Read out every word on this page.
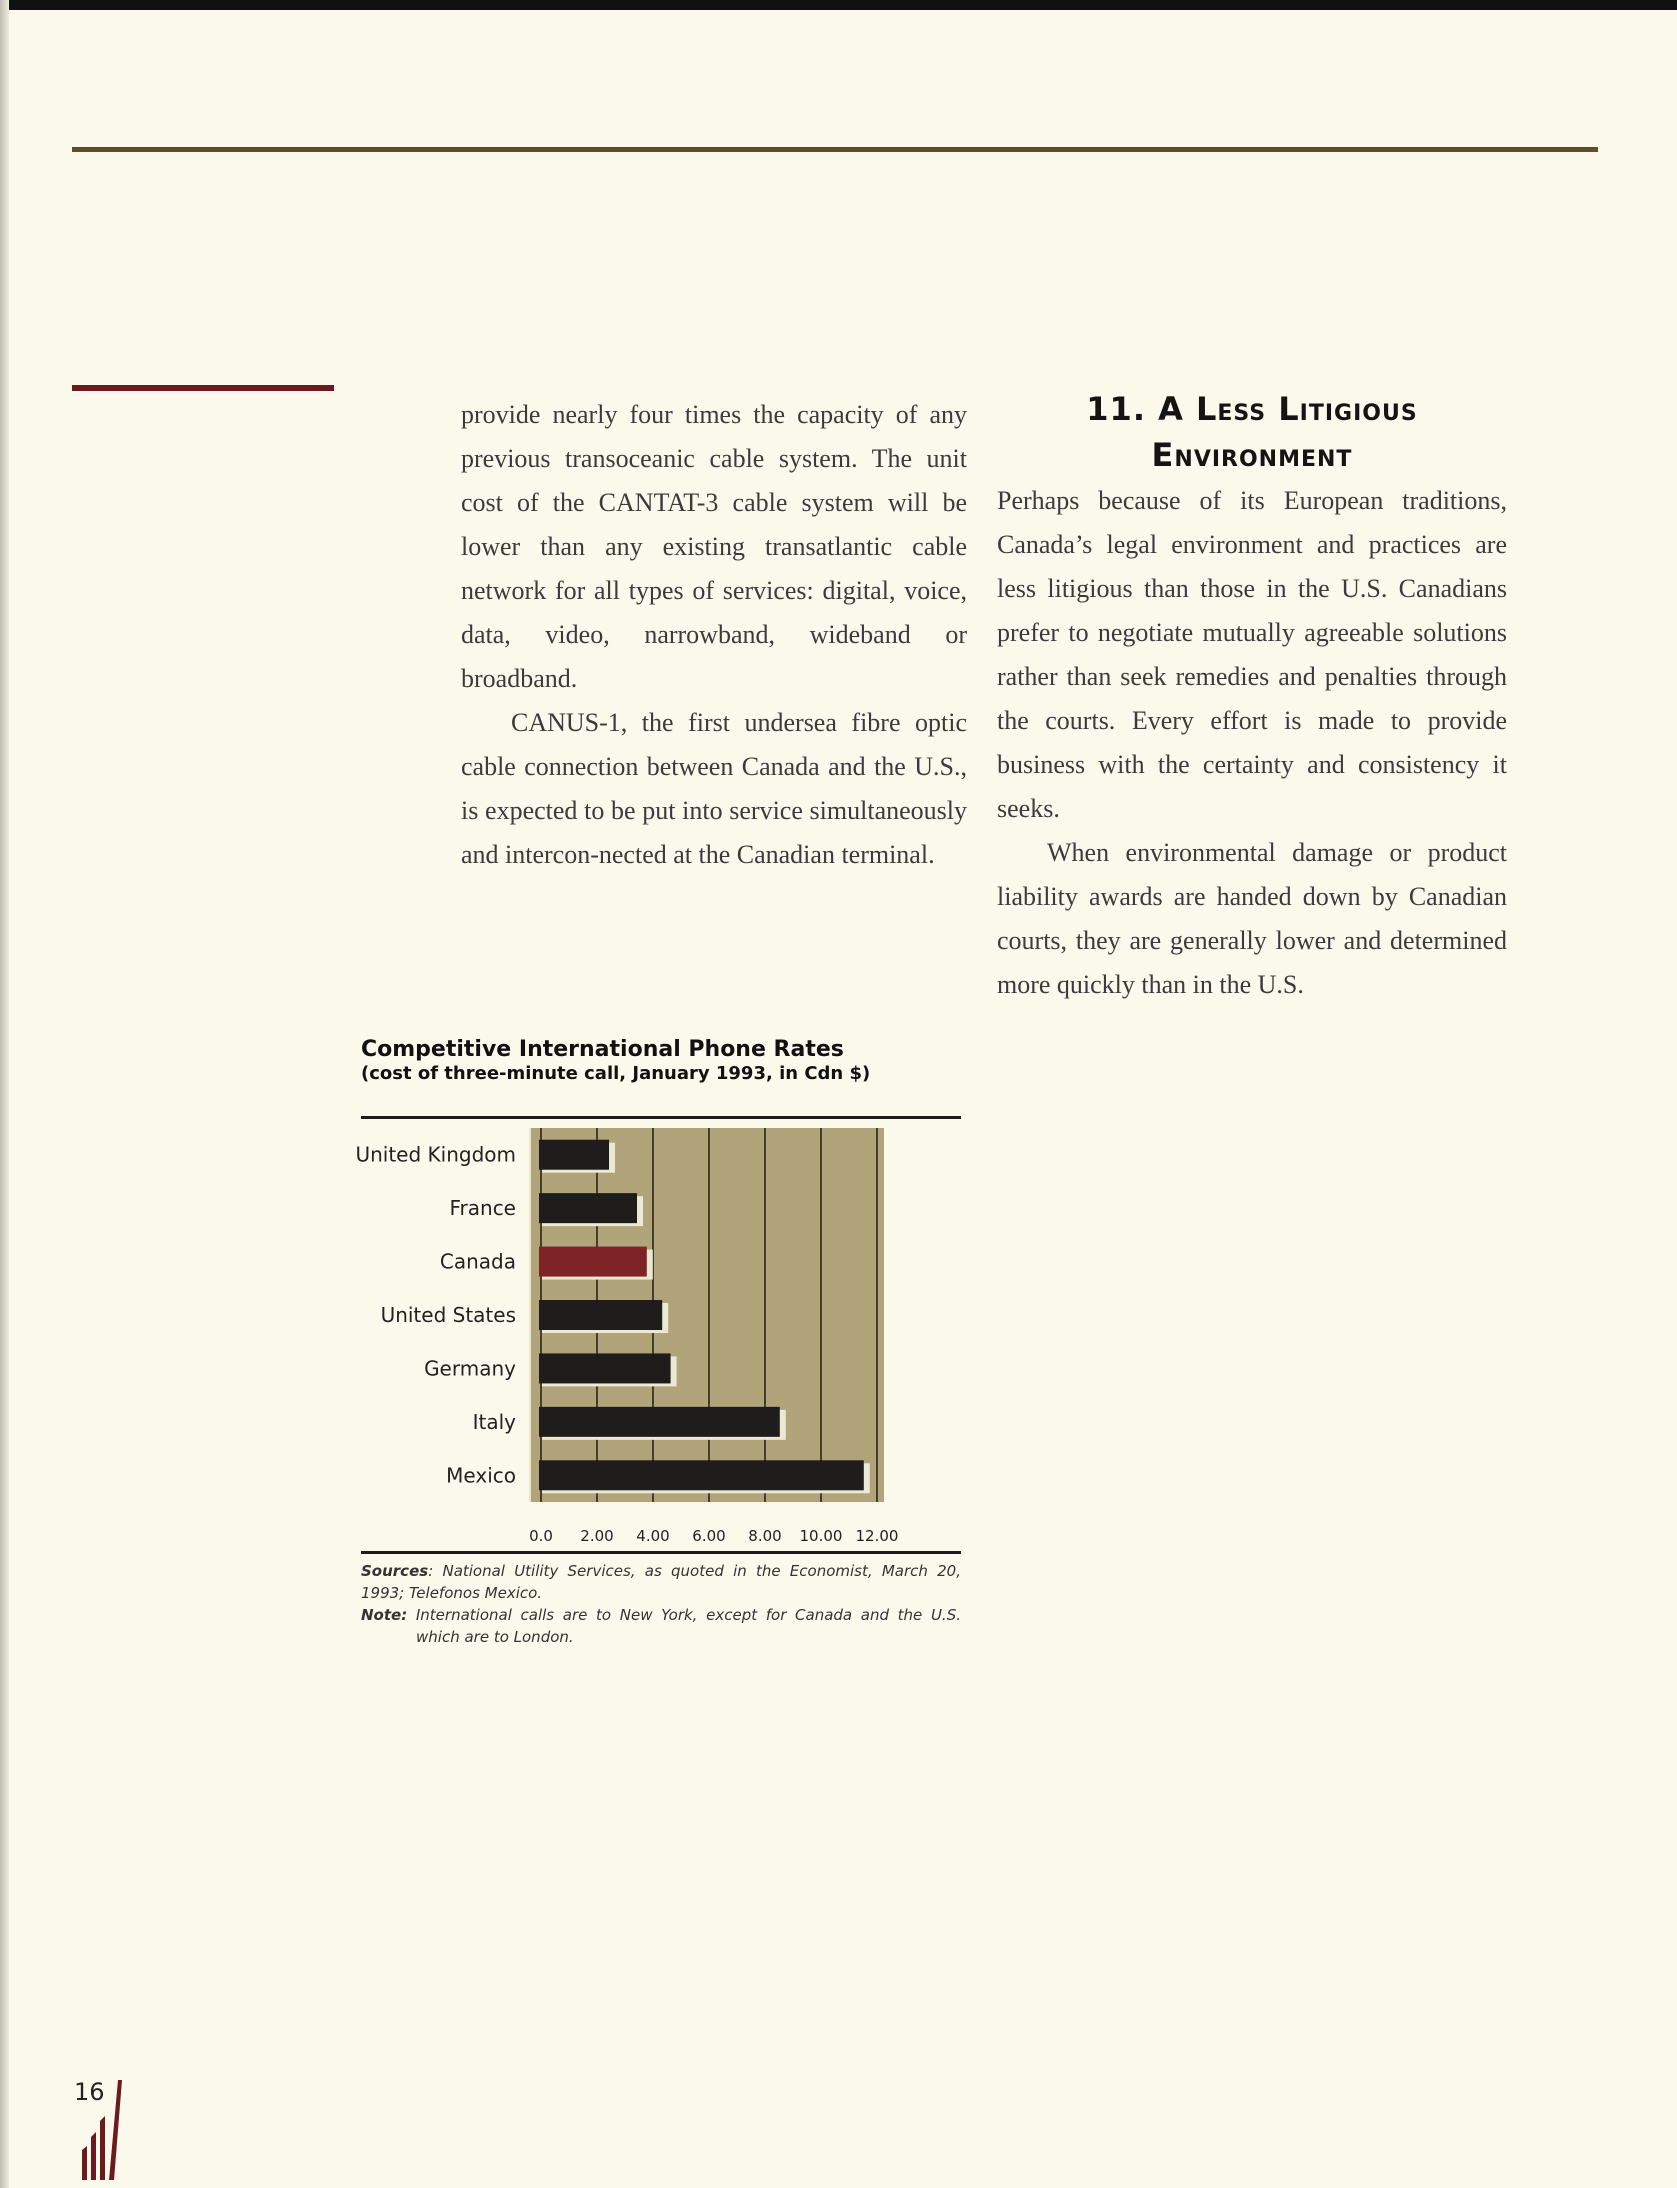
provide nearly four times the capacity of any previous transoceanic cable system. The unit cost of the CANTAT-3 cable system will be lower than any existing transatlantic cable network for all types of services: digital, voice, data, video, narrowband, wideband or broadband.

CANUS-1, the first undersea fibre optic cable connection between Canada and the U.S., is expected to be put into service simultaneously and intercon-nected at the Canadian terminal.

11. A Less Litigious Environment

Perhaps because of its European traditions, Canada’s legal environment and practices are less litigious than those in the U.S. Canadians prefer to negotiate mutually agreeable solutions rather than seek remedies and penalties through the courts. Every effort is made to provide business with the certainty and consistency it seeks.

When environmental damage or product liability awards are handed down by Canadian courts, they are generally lower and determined more quickly than in the U.S.

Competitive International Phone Rates
(cost of three-minute call, January 1993, in Cdn $)
United Kingdom
France
Canada
United States
Germany
Italy
Mexico
0.0 2.00 4.00 6.00 8.00 10.00 12.00
Sources: National Utility Services, as quoted in the Economist, March 20, 1993; Telefonos Mexico.
Note: International calls are to New York, except for Canada and the U.S. which are to London.
16
